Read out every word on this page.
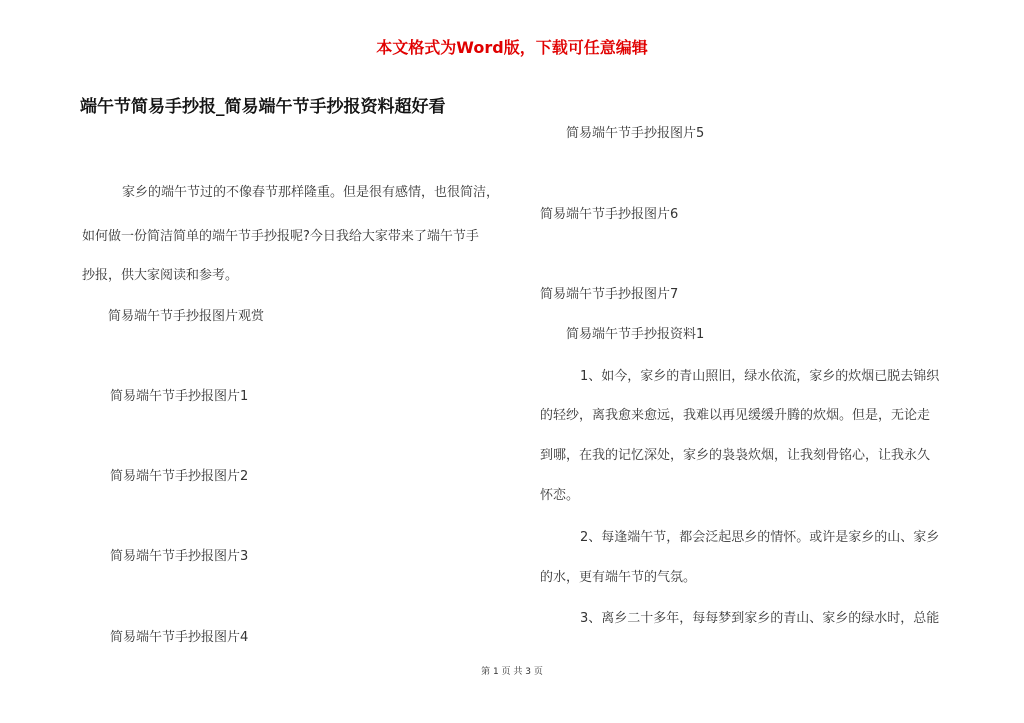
本文格式为Word版，下载可任意编辑
端午节简易手抄报_简易端午节手抄报资料超好看
家乡的端午节过的不像春节那样隆重。但是很有感情，也很简洁，
如何做一份简洁简单的端午节手抄报呢?今日我给大家带来了端午节手
抄报，供大家阅读和参考。
简易端午节手抄报图片观赏
简易端午节手抄报图片1
简易端午节手抄报图片2
简易端午节手抄报图片3
简易端午节手抄报图片4
简易端午节手抄报图片5
简易端午节手抄报图片6
简易端午节手抄报图片7
简易端午节手抄报资料1
1、如今，家乡的青山照旧，绿水依流，家乡的炊烟已脱去锦织
的轻纱，离我愈来愈远，我难以再见缓缓升腾的炊烟。但是，无论走
到哪，在我的记忆深处，家乡的袅袅炊烟，让我刻骨铭心，让我永久
怀恋。
2、每逢端午节，都会泛起思乡的情怀。或许是家乡的山、家乡
的水，更有端午节的气氛。
3、离乡二十多年，每每梦到家乡的青山、家乡的绿水时，总能
第 1 页 共 3 页
